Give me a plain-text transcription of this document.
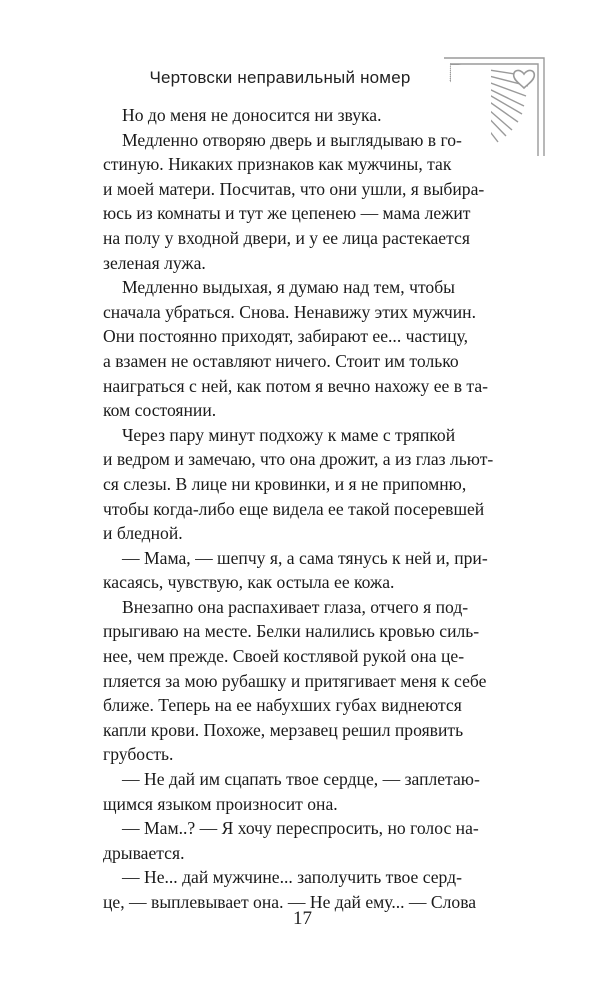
Чертовски неправильный номер

Но до меня не доносится ни звука.

Медленно отворяю дверь и выглядываю в го-
стиную. Никаких признаков как мужчины, так
и моей матери. Посчитав, что они ушли, я выбира-
юсь из комнаты и тут же цепенею — мама лежит
на полу у входной двери, и у ее лица растекается
зеленая лужа.

Медленно выдыхая, я думаю над тем, чтобы
сначала убраться. Снова. Ненавижу этих мужчин.
Они постоянно приходят, забирают ее... частицу,
а взамен не оставляют ничего. Стоит им только
наиграться с ней, как потом я вечно нахожу ее в та-
ком состоянии.

Через пару минут подхожу к маме с тряпкой
и ведром и замечаю, что она дрожит, а из глаз льют-
ся слезы. В лице ни кровинки, и я не припомню,
чтобы когда-либо еще видела ее такой посеревшей
и бледной.

— Мама, — шепчу я, а сама тянусь к ней и, при-
касаясь, чувствую, как остыла ее кожа.

Внезапно она распахивает глаза, отчего я под-
прыгиваю на месте. Белки налились кровью силь-
нее, чем прежде. Своей костлявой рукой она це-
пляется за мою рубашку и притягивает меня к себе
ближе. Теперь на ее набухших губах виднеются
капли крови. Похоже, мерзавец решил проявить
грубость.

— Не дай им сцапать твое сердце, — заплетаю-
щимся языком произносит она.

— Мам..? — Я хочу переспросить, но голос на-
дрывается.

— Не... дай мужчине... заполучить твое серд-
це, — выплевывает она. — Не дай ему... — Слова

17
